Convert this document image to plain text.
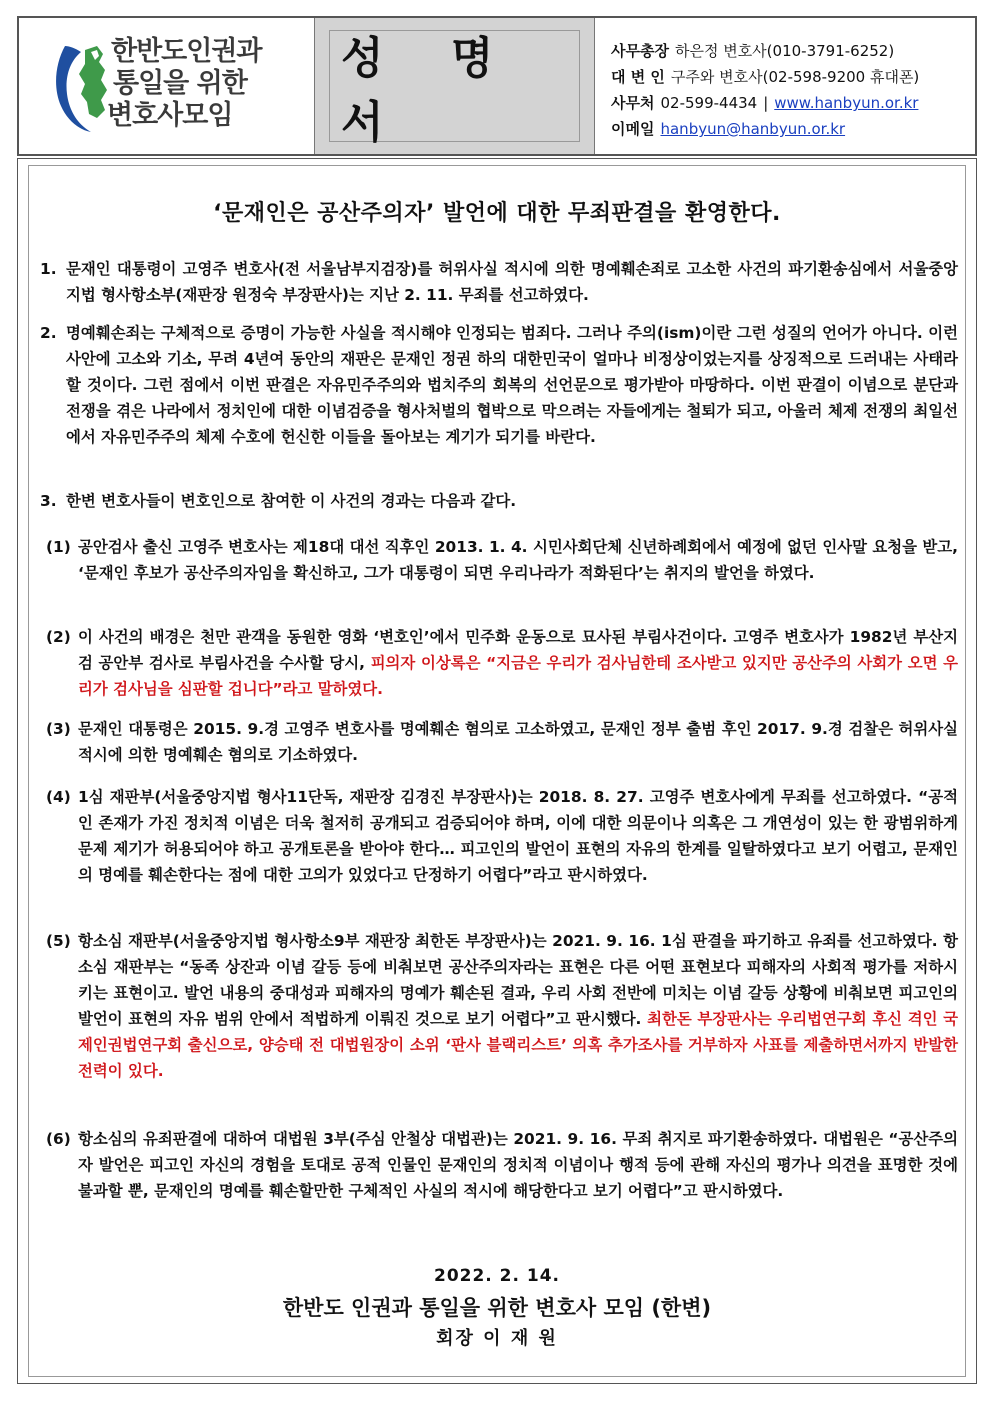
한반도인권과
통일을 위한
변호사모임
성 명 서
사무총장 하은정 변호사(010-3791-6252)
대 변 인 구주와 변호사(02-598-9200 휴대폰)
사무처 02-599-4434 | www.hanbyun.or.kr
이메일 hanbyun@hanbyun.or.kr
‘문재인은 공산주의자’ 발언에 대한 무죄판결을 환영한다.
1. 문재인 대통령이 고영주 변호사(전 서울남부지검장)를 허위사실 적시에 의한 명예훼손죄로 고소한 사건의 파기환송심에서 서울중앙지법 형사항소부(재판장 원정숙 부장판사)는 지난 2. 11. 무죄를 선고하였다.
2. 명예훼손죄는 구체적으로 증명이 가능한 사실을 적시해야 인정되는 범죄다. 그러나 주의(ism)이란 그런 성질의 언어가 아니다. 이런 사안에 고소와 기소, 무려 4년여 동안의 재판은 문재인 정권 하의 대한민국이 얼마나 비정상이었는지를 상징적으로 드러내는 사태라 할 것이다. 그런 점에서 이번 판결은 자유민주주의와 법치주의 회복의 선언문으로 평가받아 마땅하다. 이번 판결이 이념으로 분단과 전쟁을 겪은 나라에서 정치인에 대한 이념검증을 형사처벌의 협박으로 막으려는 자들에게는 철퇴가 되고, 아울러 체제 전쟁의 최일선에서 자유민주주의 체제 수호에 헌신한 이들을 돌아보는 계기가 되기를 바란다.
3. 한변 변호사들이 변호인으로 참여한 이 사건의 경과는 다음과 같다.
(1) 공안검사 출신 고영주 변호사는 제18대 대선 직후인 2013. 1. 4. 시민사회단체 신년하례회에서 예정에 없던 인사말 요청을 받고, ‘문재인 후보가 공산주의자임을 확신하고, 그가 대통령이 되면 우리나라가 적화된다’는 취지의 발언을 하였다.
(2) 이 사건의 배경은 천만 관객을 동원한 영화 ‘변호인’에서 민주화 운동으로 묘사된 부림사건이다. 고영주 변호사가 1982년 부산지검 공안부 검사로 부림사건을 수사할 당시, 피의자 이상록은 “지금은 우리가 검사님한테 조사받고 있지만 공산주의 사회가 오면 우리가 검사님을 심판할 겁니다”라고 말하였다.
(3) 문재인 대통령은 2015. 9.경 고영주 변호사를 명예훼손 혐의로 고소하였고, 문재인 정부 출범 후인 2017. 9.경 검찰은 허위사실 적시에 의한 명예훼손 혐의로 기소하였다.
(4) 1심 재판부(서울중앙지법 형사11단독, 재판장 김경진 부장판사)는 2018. 8. 27. 고영주 변호사에게 무죄를 선고하였다. “공적인 존재가 가진 정치적 이념은 더욱 철저히 공개되고 검증되어야 하며, 이에 대한 의문이나 의혹은 그 개연성이 있는 한 광범위하게 문제 제기가 허용되어야 하고 공개토론을 받아야 한다… 피고인의 발언이 표현의 자유의 한계를 일탈하였다고 보기 어렵고, 문재인의 명예를 훼손한다는 점에 대한 고의가 있었다고 단정하기 어렵다”라고 판시하였다.
(5) 항소심 재판부(서울중앙지법 형사항소9부 재판장 최한돈 부장판사)는 2021. 9. 16. 1심 판결을 파기하고 유죄를 선고하였다. 항소심 재판부는 “동족 상잔과 이념 갈등 등에 비춰보면 공산주의자라는 표현은 다른 어떤 표현보다 피해자의 사회적 평가를 저하시키는 표현이고. 발언 내용의 중대성과 피해자의 명예가 훼손된 결과, 우리 사회 전반에 미치는 이념 갈등 상황에 비춰보면 피고인의 발언이 표현의 자유 범위 안에서 적법하게 이뤄진 것으로 보기 어렵다”고 판시했다. 최한돈 부장판사는 우리법연구회 후신 격인 국제인권법연구회 출신으로, 양승태 전 대법원장이 소위 ‘판사 블랙리스트’ 의혹 추가조사를 거부하자 사표를 제출하면서까지 반발한 전력이 있다.
(6) 항소심의 유죄판결에 대하여 대법원 3부(주심 안철상 대법관)는 2021. 9. 16. 무죄 취지로 파기환송하였다. 대법원은 “공산주의자 발언은 피고인 자신의 경험을 토대로 공적 인물인 문재인의 정치적 이념이나 행적 등에 관해 자신의 평가나 의견을 표명한 것에 불과할 뿐, 문재인의 명예를 훼손할만한 구체적인 사실의 적시에 해당한다고 보기 어렵다”고 판시하였다.
2022. 2. 14.
한반도 인권과 통일을 위한 변호사 모임 (한변)
회장 이 재 원
